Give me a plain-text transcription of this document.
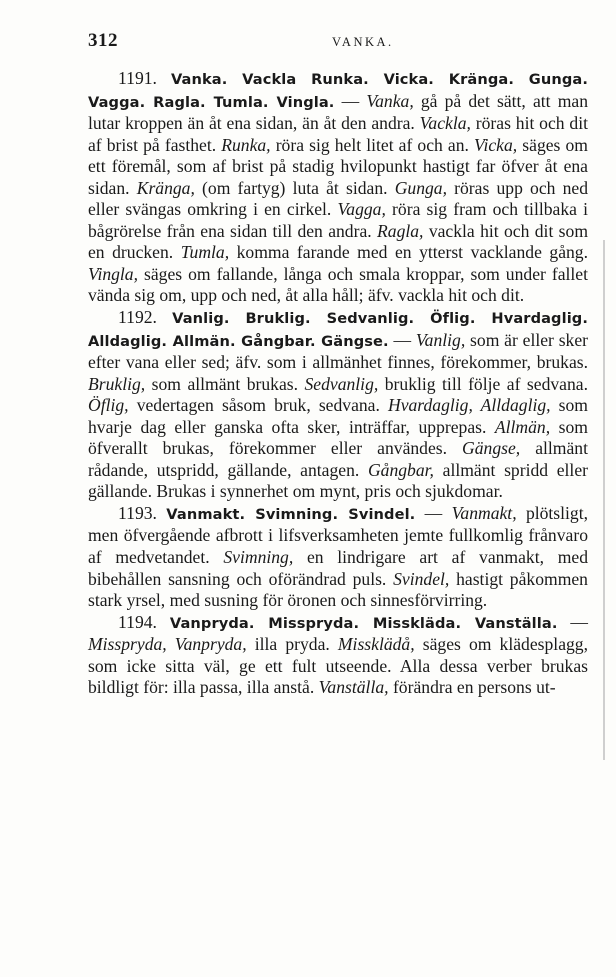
312	VANKA.

1191. Vanka. Vackla Runka. Vicka. Kränga. Gunga. Vagga. Ragla. Tumla. Vingla. — Vanka, gå på det sätt, att man lutar kroppen än åt ena sidan, än åt den andra. Vackla, röras hit och dit af brist på fasthet. Runka, röra sig helt litet af och an. Vicka, säges om ett föremål, som af brist på stadig hvilopunkt hastigt far öfver åt ena sidan. Kränga, (om fartyg) luta åt sidan. Gunga, röras upp och ned eller svängas omkring i en cirkel. Vagga, röra sig fram och tillbaka i bågrörelse från ena sidan till den andra. Ragla, vackla hit och dit som en drucken. Tumla, komma farande med en ytterst vacklande gång. Vingla, säges om fallande, långa och smala kroppar, som under fallet vända sig om, upp och ned, åt alla håll; äfv. vackla hit och dit.

1192. Vanlig. Bruklig. Sedvanlig. Öflig. Hvardaglig. Alldaglig. Allmän. Gångbar. Gängse. — Vanlig, som är eller sker efter vana eller sed; äfv. som i allmänhet finnes, förekommer, brukas. Bruklig, som allmänt brukas. Sedvanlig, bruklig till följe af sedvana. Öflig, vedertagen såsom bruk, sedvana. Hvardaglig, Alldaglig, som hvarje dag eller ganska ofta sker, inträffar, upprepas. Allmän, som öfverallt brukas, förekommer eller användes. Gängse, allmänt rådande, utspridd, gällande, antagen. Gångbar, allmänt spridd eller gällande. Brukas i synnerhet om mynt, pris och sjukdomar.

1193. Vanmakt. Svimning. Svindel. — Vanmakt, plötsligt, men öfvergående afbrott i lifsverksamheten jemte fullkomlig frånvaro af medvetandet. Svimning, en lindrigare art af vanmakt, med bibehållen sansning och oförändrad puls. Svindel, hastigt påkommen stark yrsel, med susning för öronen och sinnesförvirring.

1194. Vanpryda. Misspryda. Misskläda. Vanställa. — Misspryda, Vanpryda, illa pryda. Missklädå, säges om klädesplagg, som icke sitta väl, ge ett fult utseende. Alla dessa verber brukas bildligt för: illa passa, illa anstå. Vanställa, förändra en persons ut-
